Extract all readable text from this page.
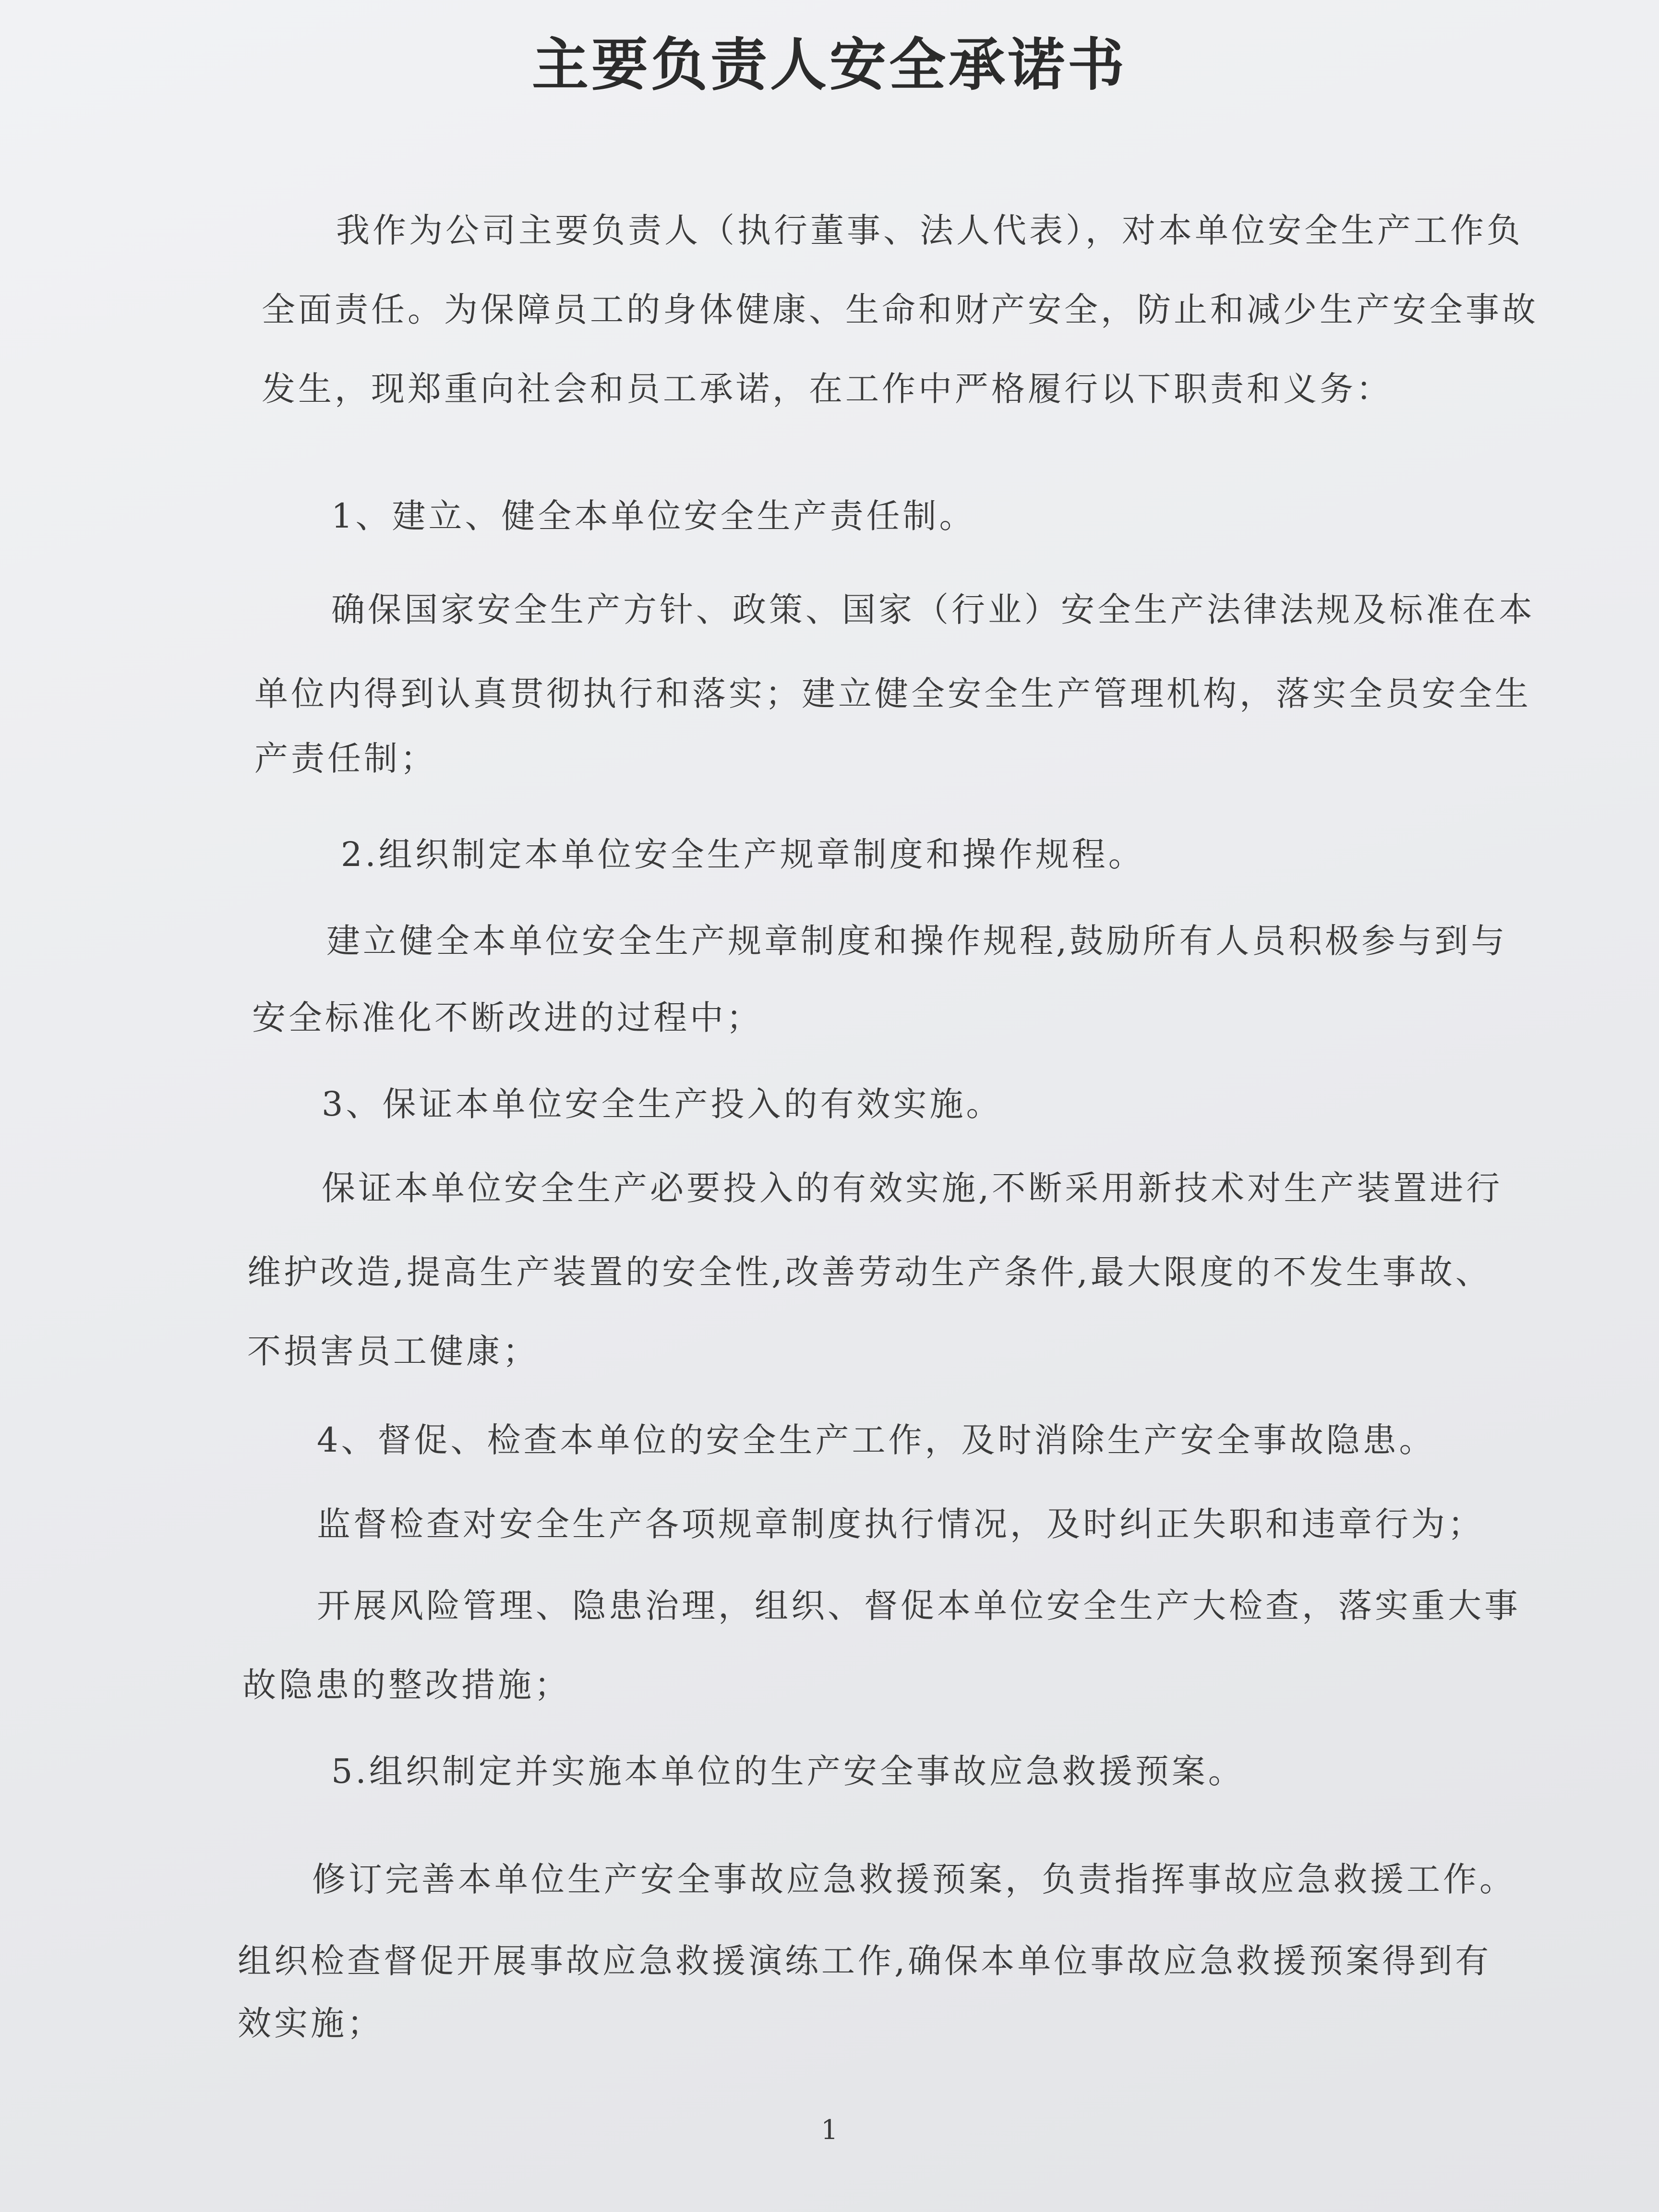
主要负责人安全承诺书
我作为公司主要负责人（执行董事、法人代表），对本单位安全生产工作负
全面责任。为保障员工的身体健康、生命和财产安全，防止和减少生产安全事故
发生，现郑重向社会和员工承诺，在工作中严格履行以下职责和义务：
1、建立、健全本单位安全生产责任制。
确保国家安全生产方针、政策、国家（行业）安全生产法律法规及标准在本
单位内得到认真贯彻执行和落实；建立健全安全生产管理机构，落实全员安全生
产责任制；
2.组织制定本单位安全生产规章制度和操作规程。
建立健全本单位安全生产规章制度和操作规程,鼓励所有人员积极参与到与
安全标准化不断改进的过程中；
3、保证本单位安全生产投入的有效实施。
保证本单位安全生产必要投入的有效实施,不断采用新技术对生产装置进行
维护改造,提高生产装置的安全性,改善劳动生产条件,最大限度的不发生事故、
不损害员工健康；
4、督促、检查本单位的安全生产工作，及时消除生产安全事故隐患。
监督检查对安全生产各项规章制度执行情况，及时纠正失职和违章行为；
开展风险管理、隐患治理，组织、督促本单位安全生产大检查，落实重大事
故隐患的整改措施；
5.组织制定并实施本单位的生产安全事故应急救援预案。
修订完善本单位生产安全事故应急救援预案，负责指挥事故应急救援工作。
组织检查督促开展事故应急救援演练工作,确保本单位事故应急救援预案得到有
效实施；
1
